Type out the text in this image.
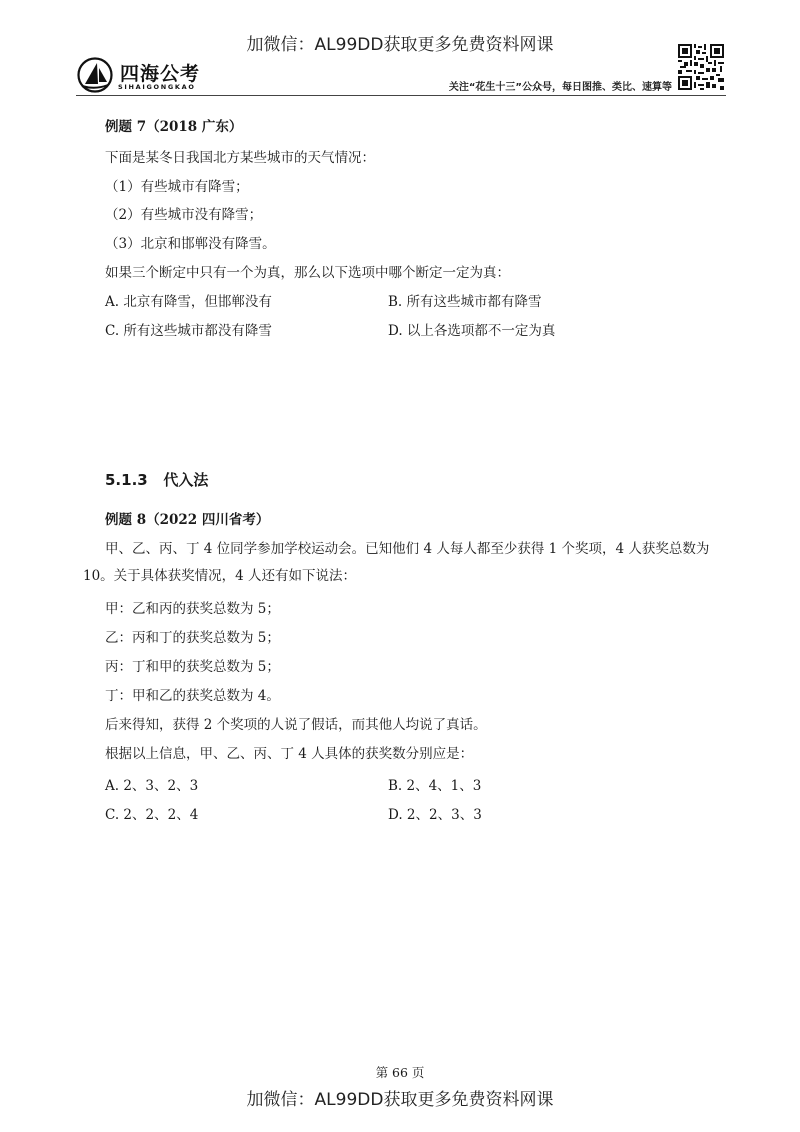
加微信：AL99DD获取更多免费资料网课
四海公考
SIHAIGONGKAO	关注“花生十三”公众号，每日图推、类比、速算等
例题 7（2018 广东）
下面是某冬日我国北方某些城市的天气情况：
（1）有些城市有降雪；
（2）有些城市没有降雪；
（3）北京和邯郸没有降雪。
如果三个断定中只有一个为真，那么以下选项中哪个断定一定为真：
A. 北京有降雪，但邯郸没有	B. 所有这些城市都有降雪
C. 所有这些城市都没有降雪	D. 以上各选项都不一定为真
5.1.3 代入法
例题 8（2022 四川省考）
甲、乙、丙、丁 4 位同学参加学校运动会。已知他们 4 人每人都至少获得 1 个奖项，4 人获奖总数为 10。关于具体获奖情况，4 人还有如下说法：
甲：乙和丙的获奖总数为 5；
乙：丙和丁的获奖总数为 5；
丙：丁和甲的获奖总数为 5；
丁：甲和乙的获奖总数为 4。
后来得知，获得 2 个奖项的人说了假话，而其他人均说了真话。
根据以上信息，甲、乙、丙、丁 4 人具体的获奖数分别应是：
A. 2、3、2、3	B. 2、4、1、3
C. 2、2、2、4	D. 2、2、3、3
第 66 页
加微信：AL99DD获取更多免费资料网课
